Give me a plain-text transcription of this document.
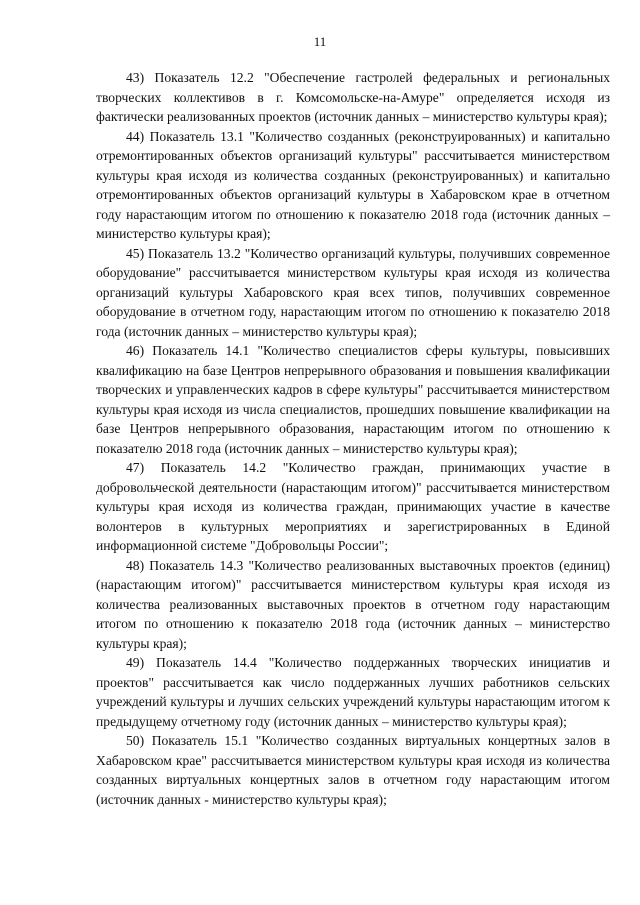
11

43) Показатель 12.2 "Обеспечение гастролей федеральных и региональных творческих коллективов в г. Комсомольске-на-Амуре" определяется исходя из фактически реализованных проектов (источник данных – министерство культуры края);

44) Показатель 13.1 "Количество созданных (реконструированных) и капитально отремонтированных объектов организаций культуры" рассчитывается министерством культуры края исходя из количества созданных (реконструированных) и капитально отремонтированных объектов организаций культуры в Хабаровском крае в отчетном году нарастающим итогом по отношению к показателю 2018 года (источник данных – министерство культуры края);

45) Показатель 13.2 "Количество организаций культуры, получивших современное оборудование" рассчитывается министерством культуры края исходя из количества организаций культуры Хабаровского края всех типов, получивших современное оборудование в отчетном году, нарастающим итогом по отношению к показателю 2018 года (источник данных – министерство культуры края);

46) Показатель 14.1 "Количество специалистов сферы культуры, повысивших квалификацию на базе Центров непрерывного образования и повышения квалификации творческих и управленческих кадров в сфере культуры" рассчитывается министерством культуры края исходя из числа специалистов, прошедших повышение квалификации на базе Центров непрерывного образования, нарастающим итогом по отношению к показателю 2018 года (источник данных – министерство культуры края);

47) Показатель 14.2 "Количество граждан, принимающих участие в добровольческой деятельности (нарастающим итогом)" рассчитывается министерством культуры края исходя из количества граждан, принимающих участие в качестве волонтеров в культурных мероприятиях и зарегистрированных в Единой информационной системе "Добровольцы России";

48) Показатель 14.3 "Количество реализованных выставочных проектов (единиц) (нарастающим итогом)" рассчитывается министерством культуры края исходя из количества реализованных выставочных проектов в отчетном году нарастающим итогом по отношению к показателю 2018 года (источник данных – министерство культуры края);

49) Показатель 14.4 "Количество поддержанных творческих инициатив и проектов" рассчитывается как число поддержанных лучших работников сельских учреждений культуры и лучших сельских учреждений культуры нарастающим итогом к предыдущему отчетному году (источник данных – министерство культуры края);

50) Показатель 15.1 "Количество созданных виртуальных концертных залов в Хабаровском крае" рассчитывается министерством культуры края исходя из количества созданных виртуальных концертных залов в отчетном году нарастающим итогом (источник данных - министерство культуры края);
